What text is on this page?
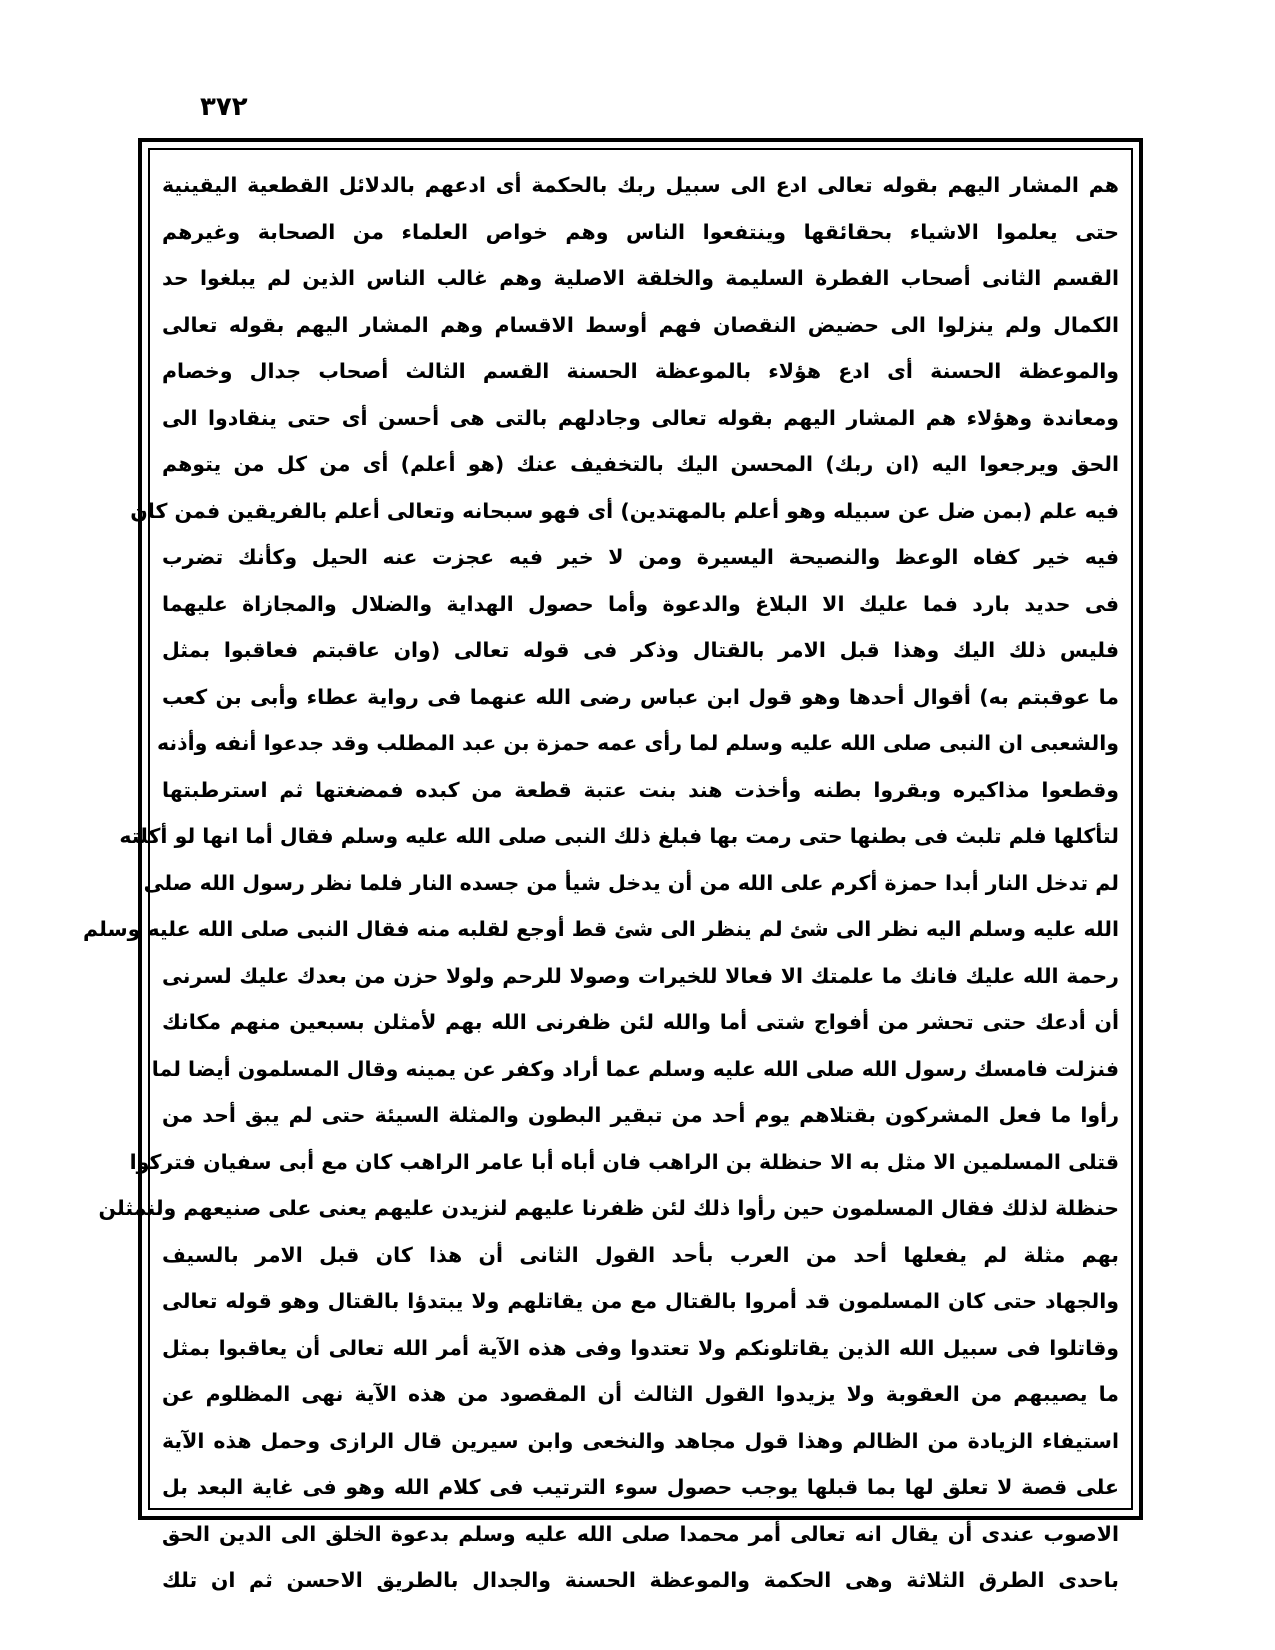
٣٧٢
هم المشار اليهم بقوله تعالى ادع الى سبيل ربك بالحكمة أى ادعهم بالدلائل القطعية اليقينية
حتى يعلموا الاشياء بحقائقها وينتفعوا الناس وهم خواص العلماء من الصحابة وغيرهم
القسم الثانى أصحاب الفطرة السليمة والخلقة الاصلية وهم غالب الناس الذين لم يبلغوا حد
الكمال ولم ينزلوا الى حضيض النقصان فهم أوسط الاقسام وهم المشار اليهم بقوله تعالى
والموعظة الحسنة أى ادع هؤلاء بالموعظة الحسنة القسم الثالث أصحاب جدال وخصام
ومعاندة وهؤلاء هم المشار اليهم بقوله تعالى وجادلهم بالتى هى أحسن أى حتى ينقادوا الى
الحق ويرجعوا اليه (ان ربك) المحسن اليك بالتخفيف عنك (هو أعلم) أى من كل من يتوهم
فيه علم (بمن ضل عن سبيله وهو أعلم بالمهتدين) أى فهو سبحانه وتعالى أعلم بالفريقين فمن كان
فيه خير كفاه الوعظ والنصيحة اليسيرة ومن لا خير فيه عجزت عنه الحيل وكأنك تضرب
فى حديد بارد فما عليك الا البلاغ والدعوة وأما حصول الهداية والضلال والمجازاة عليهما
فليس ذلك اليك وهذا قبل الامر بالقتال وذكر فى قوله تعالى (وان عاقبتم فعاقبوا بمثل
ما عوقبتم به) أقوال أحدها وهو قول ابن عباس رضى الله عنهما فى رواية عطاء وأبى بن كعب
والشعبى ان النبى صلى الله عليه وسلم لما رأى عمه حمزة بن عبد المطلب وقد جدعوا أنفه وأذنه
وقطعوا مذاكيره وبقروا بطنه وأخذت هند بنت عتبة قطعة من كبده فمضغتها ثم استرطبتها
لتأكلها فلم تلبث فى بطنها حتى رمت بها فبلغ ذلك النبى صلى الله عليه وسلم فقال أما انها لو أكلته
لم تدخل النار أبدا حمزة أكرم على الله من أن يدخل شيأ من جسده النار فلما نظر رسول الله صلى
الله عليه وسلم اليه نظر الى شئ لم ينظر الى شئ قط أوجع لقلبه منه فقال النبى صلى الله عليه وسلم
رحمة الله عليك فانك ما علمتك الا فعالا للخيرات وصولا للرحم ولولا حزن من بعدك عليك لسرنى
أن أدعك حتى تحشر من أفواج شتى أما والله لئن ظفرنى الله بهم لأمثلن بسبعين منهم مكانك
فنزلت فامسك رسول الله صلى الله عليه وسلم عما أراد وكفر عن يمينه وقال المسلمون أيضا لما
رأوا ما فعل المشركون بقتلاهم يوم أحد من تبقير البطون والمثلة السيئة حتى لم يبق أحد من
قتلى المسلمين الا مثل به الا حنظلة بن الراهب فان أباه أبا عامر الراهب كان مع أبى سفيان فتركوا
حنظلة لذلك فقال المسلمون حين رأوا ذلك لئن ظفرنا عليهم لنزيدن عليهم يعنى على صنيعهم ولنمثلن
بهم مثلة لم يفعلها أحد من العرب بأحد القول الثانى أن هذا كان قبل الامر بالسيف
والجهاد حتى كان المسلمون قد أمروا بالقتال مع من يقاتلهم ولا يبتدؤا بالقتال وهو قوله تعالى
وقاتلوا فى سبيل الله الذين يقاتلونكم ولا تعتدوا وفى هذه الآية أمر الله تعالى أن يعاقبوا بمثل
ما يصيبهم من العقوبة ولا يزيدوا القول الثالث أن المقصود من هذه الآية نهى المظلوم عن
استيفاء الزيادة من الظالم وهذا قول مجاهد والنخعى وابن سيرين قال الرازى وحمل هذه الآية
على قصة لا تعلق لها بما قبلها يوجب حصول سوء الترتيب فى كلام الله وهو فى غاية البعد بل
الاصوب عندى أن يقال انه تعالى أمر محمدا صلى الله عليه وسلم بدعوة الخلق الى الدين الحق
باحدى الطرق الثلاثة وهى الحكمة والموعظة الحسنة والجدال بالطريق الاحسن ثم ان تلك
